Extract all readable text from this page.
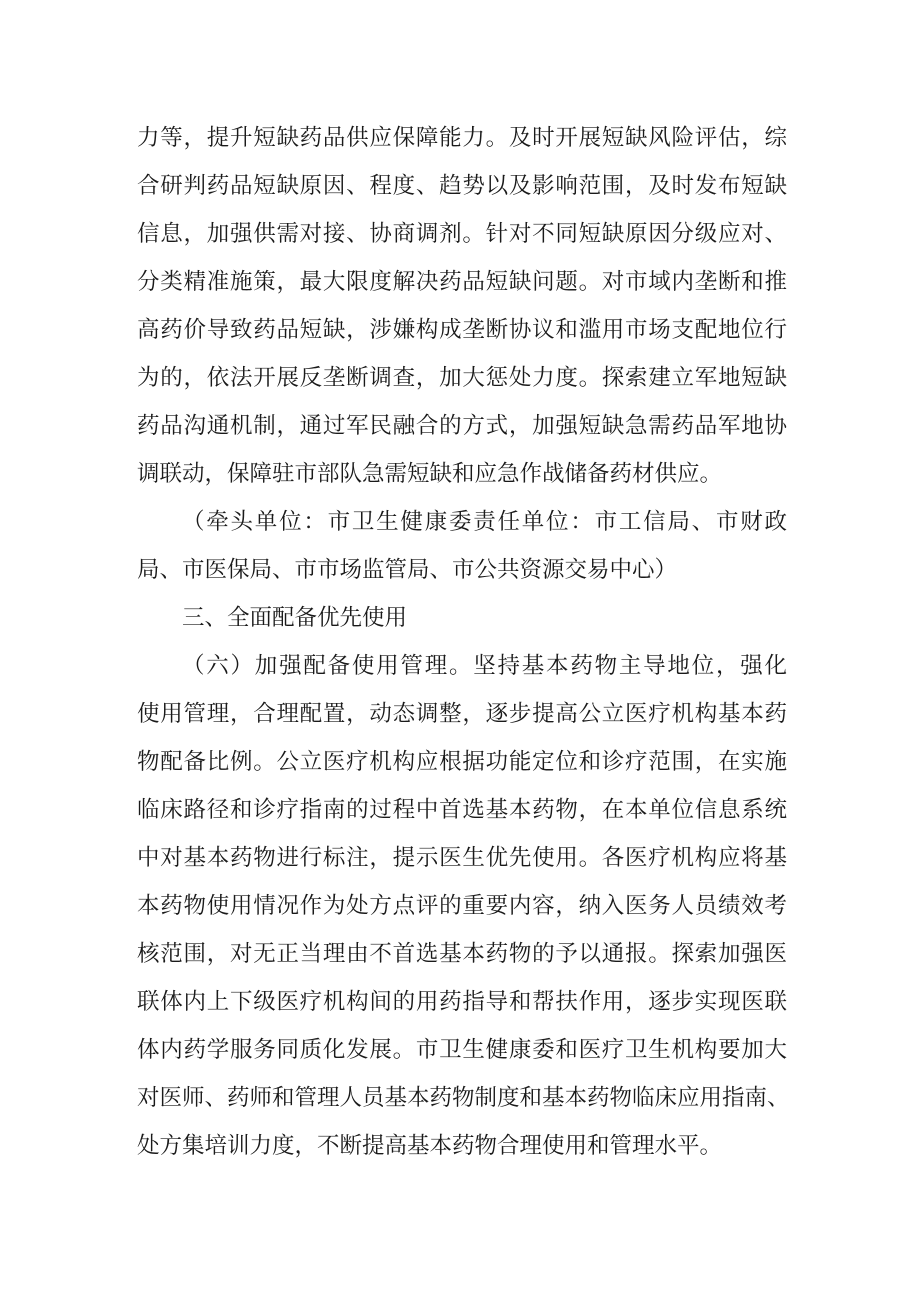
力等，提升短缺药品供应保障能力。及时开展短缺风险评估，综
合研判药品短缺原因、程度、趋势以及影响范围，及时发布短缺
信息，加强供需对接、协商调剂。针对不同短缺原因分级应对、
分类精准施策，最大限度解决药品短缺问题。对市域内垄断和推
高药价导致药品短缺，涉嫌构成垄断协议和滥用市场支配地位行
为的，依法开展反垄断调查，加大惩处力度。探索建立军地短缺
药品沟通机制，通过军民融合的方式，加强短缺急需药品军地协
调联动，保障驻市部队急需短缺和应急作战储备药材供应。
（牵头单位：市卫生健康委责任单位：市工信局、市财政
局、市医保局、市市场监管局、市公共资源交易中心）
三、全面配备优先使用
（六）加强配备使用管理。坚持基本药物主导地位，强化
使用管理，合理配置，动态调整，逐步提高公立医疗机构基本药
物配备比例。公立医疗机构应根据功能定位和诊疗范围，在实施
临床路径和诊疗指南的过程中首选基本药物，在本单位信息系统
中对基本药物进行标注，提示医生优先使用。各医疗机构应将基
本药物使用情况作为处方点评的重要内容，纳入医务人员绩效考
核范围，对无正当理由不首选基本药物的予以通报。探索加强医
联体内上下级医疗机构间的用药指导和帮扶作用，逐步实现医联
体内药学服务同质化发展。市卫生健康委和医疗卫生机构要加大
对医师、药师和管理人员基本药物制度和基本药物临床应用指南、
处方集培训力度，不断提高基本药物合理使用和管理水平。
